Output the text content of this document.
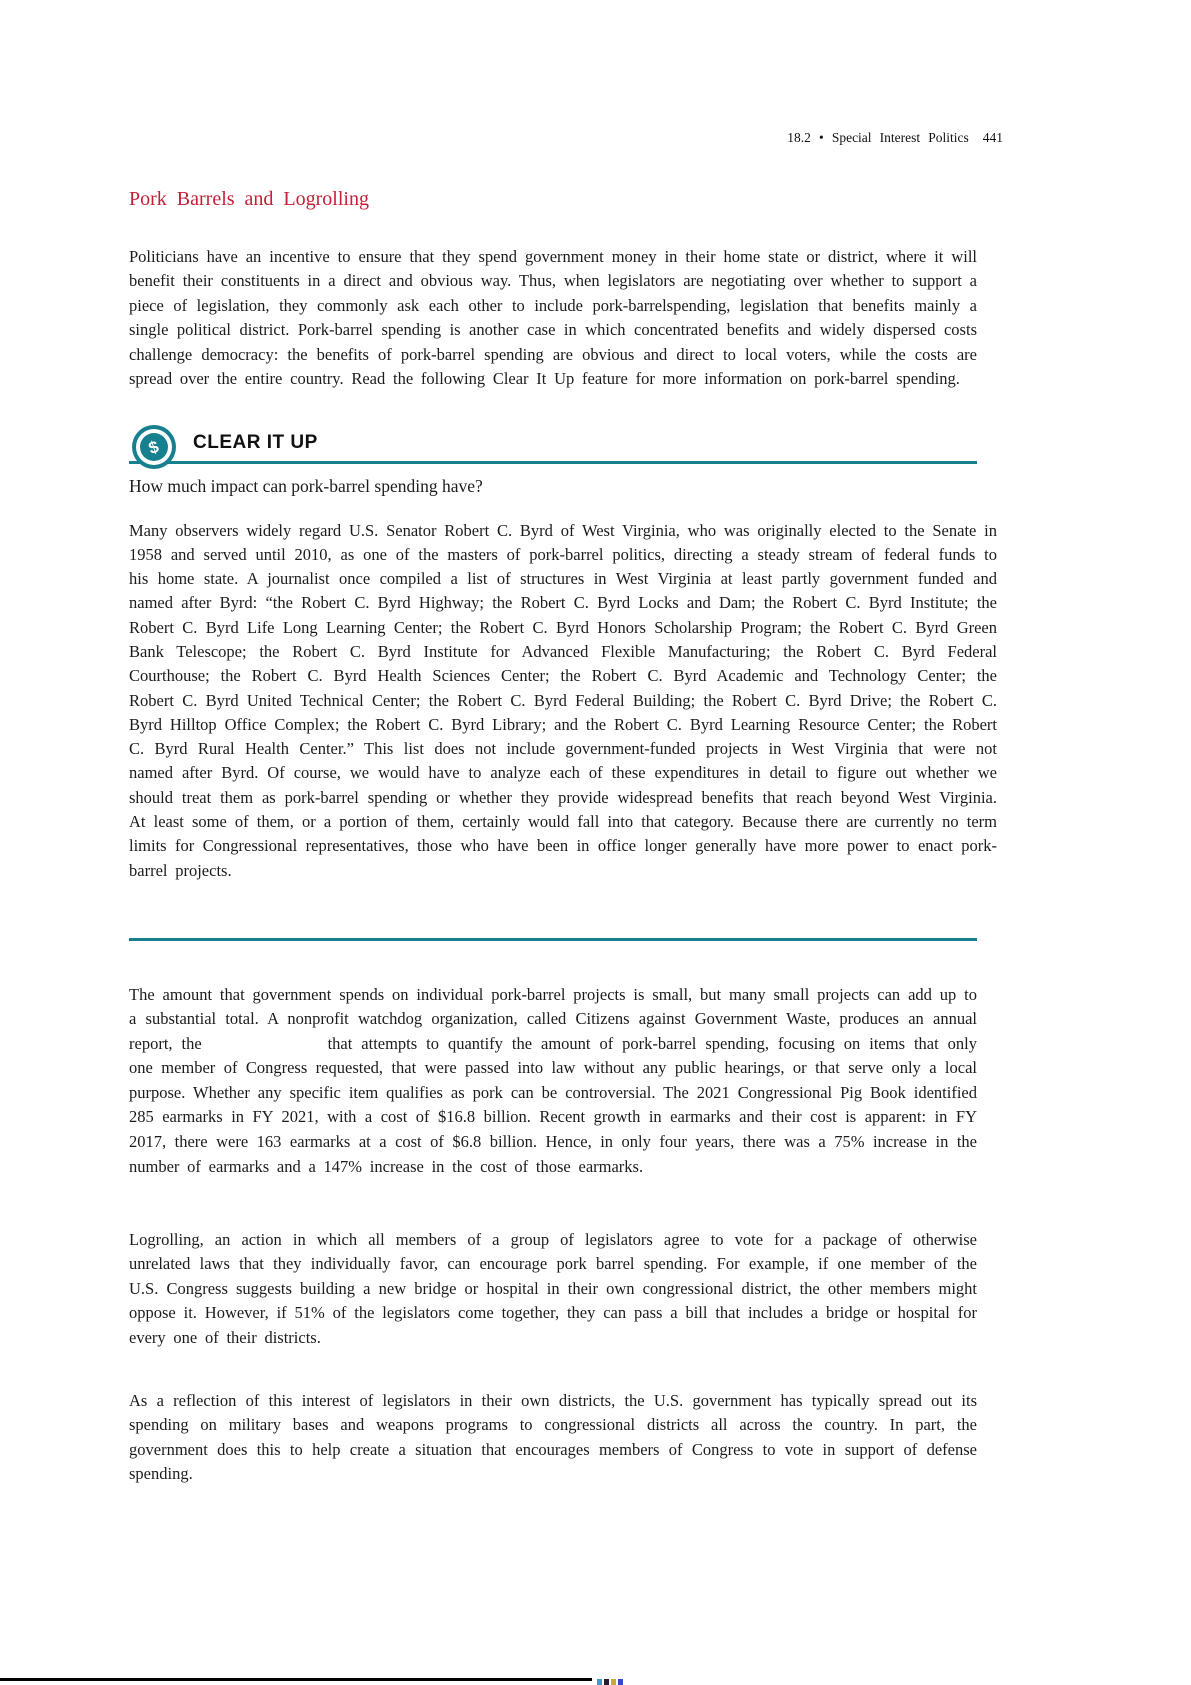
18.2 • Special Interest Politics 441
Pork Barrels and Logrolling

Politicians have an incentive to ensure that they spend government money in their home state or district, where it will benefit their constituents in a direct and obvious way. Thus, when legislators are negotiating over whether to support a piece of legislation, they commonly ask each other to include pork-barrelspending, legislation that benefits mainly a single political district. Pork-barrel spending is another case in which concentrated benefits and widely dispersed costs challenge democracy: the benefits of pork-barrel spending are obvious and direct to local voters, while the costs are spread over the entire country. Read the following Clear It Up feature for more information on pork-barrel spending.

$ CLEAR IT UP
How much impact can pork-barrel spending have?

Many observers widely regard U.S. Senator Robert C. Byrd of West Virginia, who was originally elected to the Senate in 1958 and served until 2010, as one of the masters of pork-barrel politics, directing a steady stream of federal funds to his home state. A journalist once compiled a list of structures in West Virginia at least partly government funded and named after Byrd: “the Robert C. Byrd Highway; the Robert C. Byrd Locks and Dam; the Robert C. Byrd Institute; the Robert C. Byrd Life Long Learning Center; the Robert C. Byrd Honors Scholarship Program; the Robert C. Byrd Green Bank Telescope; the Robert C. Byrd Institute for Advanced Flexible Manufacturing; the Robert C. Byrd Federal Courthouse; the Robert C. Byrd Health Sciences Center; the Robert C. Byrd Academic and Technology Center; the Robert C. Byrd United Technical Center; the Robert C. Byrd Federal Building; the Robert C. Byrd Drive; the Robert C. Byrd Hilltop Office Complex; the Robert C. Byrd Library; and the Robert C. Byrd Learning Resource Center; the Robert C. Byrd Rural Health Center.” This list does not include government-funded projects in West Virginia that were not named after Byrd. Of course, we would have to analyze each of these expenditures in detail to figure out whether we should treat them as pork-barrel spending or whether they provide widespread benefits that reach beyond West Virginia. At least some of them, or a portion of them, certainly would fall into that category. Because there are currently no term limits for Congressional representatives, those who have been in office longer generally have more power to enact pork-barrel projects.

The amount that government spends on individual pork-barrel projects is small, but many small projects can add up to a substantial total. A nonprofit watchdog organization, called Citizens against Government Waste, produces an annual report, the	that attempts to quantify the amount of pork-barrel spending, focusing on items that only one member of Congress requested, that were passed into law without any public hearings, or that serve only a local purpose. Whether any specific item qualifies as pork can be controversial. The 2021 Congressional Pig Book identified 285 earmarks in FY 2021, with a cost of $16.8 billion. Recent growth in earmarks and their cost is apparent: in FY 2017, there were 163 earmarks at a cost of $6.8 billion. Hence, in only four years, there was a 75% increase in the number of earmarks and a 147% increase in the cost of those earmarks.

Logrolling, an action in which all members of a group of legislators agree to vote for a package of otherwise unrelated laws that they individually favor, can encourage pork barrel spending. For example, if one member of the U.S. Congress suggests building a new bridge or hospital in their own congressional district, the other members might oppose it. However, if 51% of the legislators come together, they can pass a bill that includes a bridge or hospital for every one of their districts.

As a reflection of this interest of legislators in their own districts, the U.S. government has typically spread out its spending on military bases and weapons programs to congressional districts all across the country. In part, the government does this to help create a situation that encourages members of Congress to vote in support of defense spending.
